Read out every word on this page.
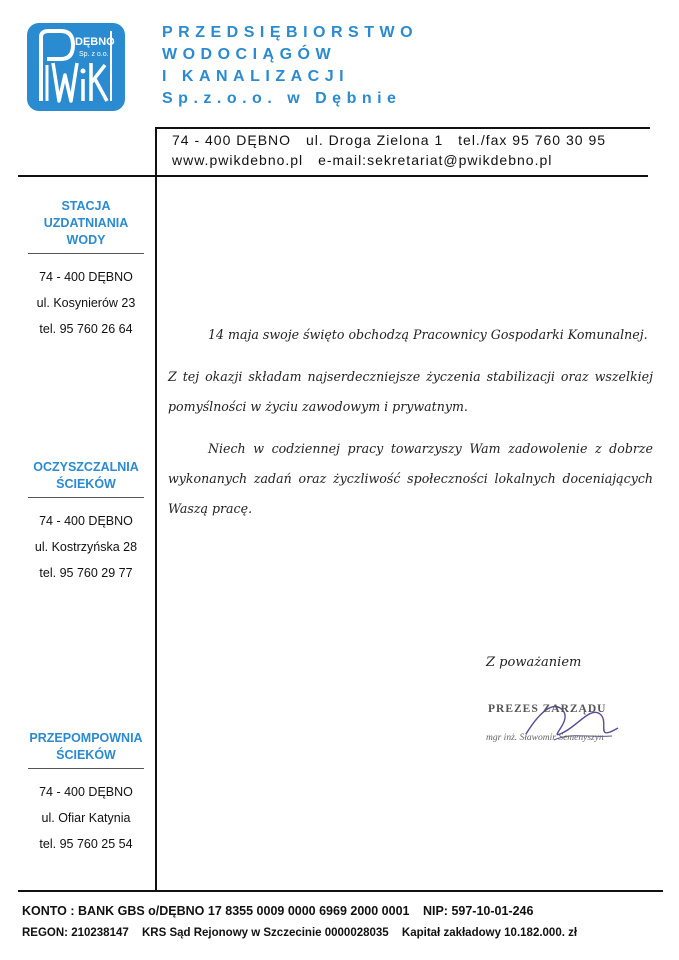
DĘBNO
Sp. z o.o.
PRZEDSIĘBIORSTWO
WODOCIĄGÓW
I KANALIZACJI
Sp.z.o.o. w Dębnie
74 - 400 DĘBNO ul. Droga Zielona 1 tel./fax 95 760 30 95
www.pwikdebno.pl e-mail:sekretariat@pwikdebno.pl
STACJA
UZDATNIANIA WODY
74 - 400 DĘBNO
ul. Kosynierów 23
tel. 95 760 26 64
OCZYSZCZALNIA
ŚCIEKÓW
74 - 400 DĘBNO
ul. Kostrzyńska 28
tel. 95 760 29 77
PRZEPOMPOWNIA
ŚCIEKÓW
74 - 400 DĘBNO
ul. Ofiar Katynia
tel. 95 760 25 54

14 maja swoje święto obchodzą Pracownicy Gospodarki Komunalnej.

Z tej okazji składam najserdeczniejsze życzenia stabilizacji oraz wszelkiej pomyślności w życiu zawodowym i prywatnym.

Niech w codziennej pracy towarzyszy Wam zadowolenie z dobrze wykonanych zadań oraz życzliwość społeczności lokalnych doceniających Waszą pracę.

Z poważaniem
PREZES ZARZĄDU
mgr inż. Sławomir Semenyszyn
KONTO : BANK GBS o/DĘBNO 17 8355 0009 0000 6969 2000 0001 NIP: 597-10-01-246
REGON: 210238147 KRS Sąd Rejonowy w Szczecinie 0000028035 Kapitał zakładowy 10.182.000. zł
